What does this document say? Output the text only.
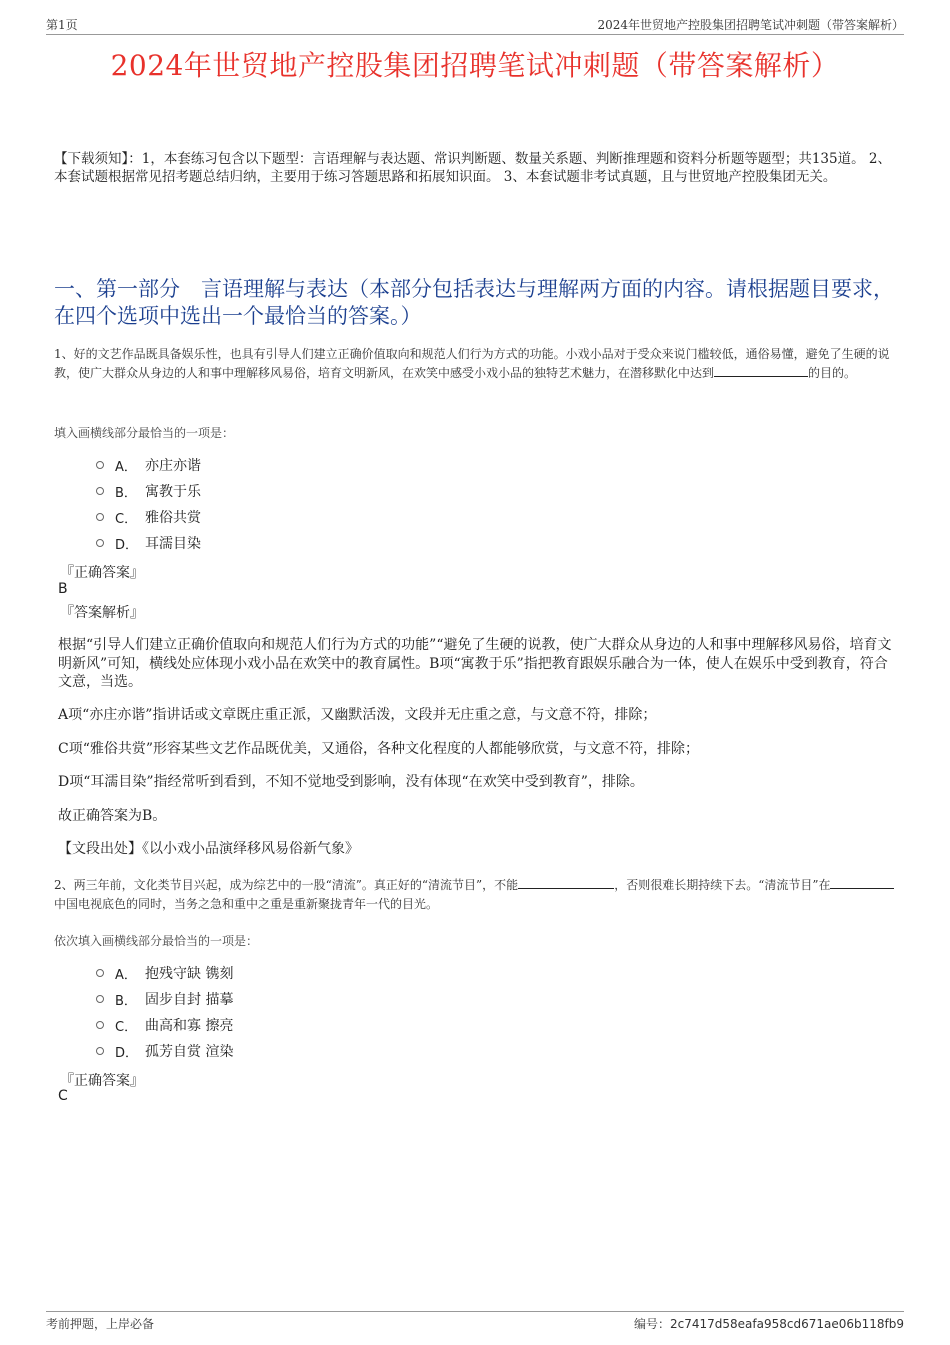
第1页	2024年世贸地产控股集团招聘笔试冲刺题（带答案解析）
2024年世贸地产控股集团招聘笔试冲刺题（带答案解析）
【下载须知】：1，本套练习包含以下题型：言语理解与表达题、常识判断题、数量关系题、判断推理题和资料分析题等题型；共135道。 2、本套试题根据常见招考题总结归纳，主要用于练习答题思路和拓展知识面。 3、本套试题非考试真题，且与世贸地产控股集团无关。
一、第一部分　言语理解与表达（本部分包括表达与理解两方面的内容。请根据题目要求，在四个选项中选出一个最恰当的答案。）
1、好的文艺作品既具备娱乐性，也具有引导人们建立正确价值取向和规范人们行为方式的功能。小戏小品对于受众来说门槛较低，通俗易懂，避免了生硬的说教，使广大群众从身边的人和事中理解移风易俗，培育文明新风，在欢笑中感受小戏小品的独特艺术魅力，在潜移默化中达到	的目的。
填入画横线部分最恰当的一项是：
A． 亦庄亦谐
B． 寓教于乐
C． 雅俗共赏
D． 耳濡目染
『正确答案』
B
『答案解析』
根据“引导人们建立正确价值取向和规范人们行为方式的功能”“避免了生硬的说教，使广大群众从身边的人和事中理解移风易俗，培育文明新风”可知，横线处应体现小戏小品在欢笑中的教育属性。B项“寓教于乐”指把教育跟娱乐融合为一体，使人在娱乐中受到教育，符合文意，当选。
A项“亦庄亦谐”指讲话或文章既庄重正派，又幽默活泼，文段并无庄重之意，与文意不符，排除；
C项“雅俗共赏”形容某些文艺作品既优美，又通俗，各种文化程度的人都能够欣赏，与文意不符，排除；
D项“耳濡目染”指经常听到看到，不知不觉地受到影响，没有体现“在欢笑中受到教育”，排除。
故正确答案为B。
【文段出处】《以小戏小品演绎移风易俗新气象》
2、两三年前，文化类节目兴起，成为综艺中的一股“清流”。真正好的“清流节目”，不能	，否则很难长期持续下去。“清流节目”在中国电视底色的同时，当务之急和重中之重是重新聚拢青年一代的目光。
依次填入画横线部分最恰当的一项是：
A． 抱残守缺 镌刻
B． 固步自封 描摹
C． 曲高和寡 擦亮
D． 孤芳自赏 渲染
『正确答案』
C
考前押题，上岸必备	编号：2c7417d58eafa958cd671ae06b118fb9
